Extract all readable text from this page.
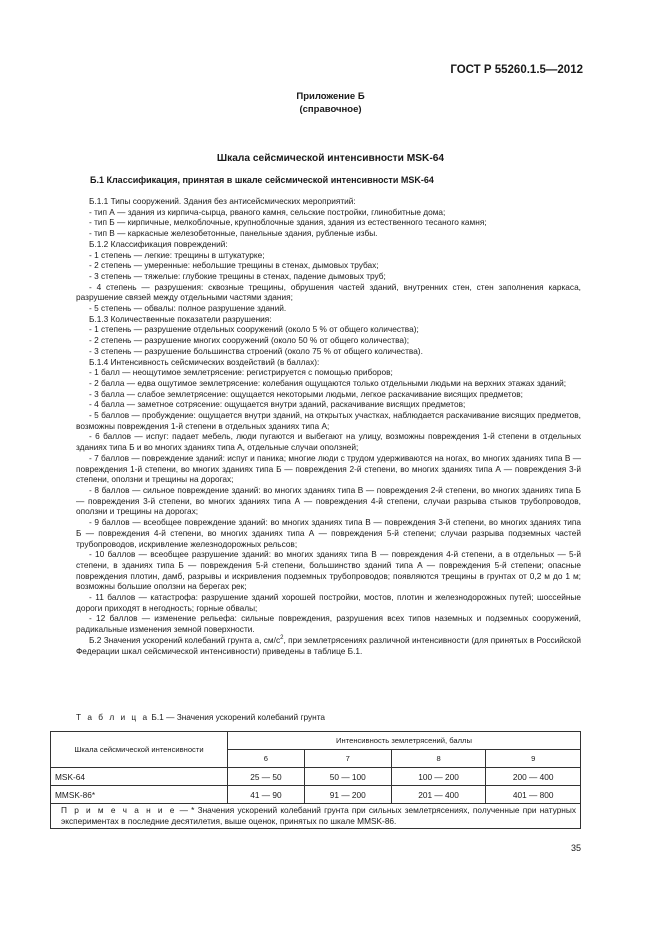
ГОСТ Р 55260.1.5—2012
Приложение Б
(справочное)
Шкала сейсмической интенсивности MSK-64
Б.1 Классификация, принятая в шкале сейсмической интенсивности MSK-64

Б.1.1 Типы сооружений. Здания без антисейсмических мероприятий:

- тип А — здания из кирпича-сырца, рваного камня, сельские постройки, глинобитные дома;

- тип Б — кирпичные, мелкоблочные, крупноблочные здания, здания из естественного тесаного камня;

- тип В — каркасные железобетонные, панельные здания, рубленые избы.

Б.1.2 Классификация повреждений:

- 1 степень — легкие: трещины в штукатурке;

- 2 степень — умеренные: небольшие трещины в стенах, дымовых трубах;

- 3 степень — тяжелые: глубокие трещины в стенах, падение дымовых труб;

- 4 степень — разрушения: сквозные трещины, обрушения частей зданий, внутренних стен, стен заполнения каркаса, разрушение связей между отдельными частями здания;

- 5 степень — обвалы: полное разрушение зданий.

Б.1.3 Количественные показатели разрушения:

- 1 степень — разрушение отдельных сооружений (около 5 % от общего количества);

- 2 степень — разрушение многих сооружений (около 50 % от общего количества);

- 3 степень — разрушение большинства строений (около 75 % от общего количества).

Б.1.4 Интенсивность сейсмических воздействий (в баллах):

- 1 балл — неощутимое землетрясение: регистрируется с помощью приборов;

- 2 балла — едва ощутимое землетрясение: колебания ощущаются только отдельными людьми на верхних этажах зданий;

- 3 балла — слабое землетрясение: ощущается некоторыми людьми, легкое раскачивание висящих предметов;

- 4 балла — заметное сотрясение: ощущается внутри зданий, раскачивание висящих предметов;

- 5 баллов — пробуждение: ощущается внутри зданий, на открытых участках, наблюдается раскачивание висящих предметов, возможны повреждения 1-й степени в отдельных зданиях типа А;

- 6 баллов — испуг: падает мебель, люди пугаются и выбегают на улицу, возможны повреждения 1-й степени в отдельных зданиях типа Б и во многих зданиях типа А, отдельные случаи оползней;

- 7 баллов — повреждение зданий: испуг и паника; многие люди с трудом удерживаются на ногах, во многих зданиях типа В — повреждения 1-й степени, во многих зданиях типа Б — повреждения 2-й степени, во многих зданиях типа А — повреждения 3-й степени, оползни и трещины на дорогах;

- 8 баллов — сильное повреждение зданий: во многих зданиях типа В — повреждения 2-й степени, во многих зданиях типа Б — повреждения 3-й степени, во многих зданиях типа А — повреждения 4-й степени, случаи разрыва стыков трубопроводов, оползни и трещины на дорогах;

- 9 баллов — всеобщее повреждение зданий: во многих зданиях типа В — повреждения 3-й степени, во многих зданиях типа Б — повреждения 4-й степени, во многих зданиях типа А — повреждения 5-й степени; случаи разрыва подземных частей трубопроводов, искривление железнодорожных рельсов;

- 10 баллов — всеобщее разрушение зданий: во многих зданиях типа В — повреждения 4-й степени, а в отдельных — 5-й степени, в зданиях типа Б — повреждения 5-й степени, большинство зданий типа А — повреждения 5-й степени; опасные повреждения плотин, дамб, разрывы и искривления подземных трубопроводов; появляются трещины в грунтах от 0,2 м до 1 м; возможны большие оползни на берегах рек;

- 11 баллов — катастрофа: разрушение зданий хорошей постройки, мостов, плотин и железнодорожных путей; шоссейные дороги приходят в негодность; горные обвалы;

- 12 баллов — изменение рельефа: сильные повреждения, разрушения всех типов наземных и подземных сооружений, радикальные изменения земной поверхности.

Б.2 Значения ускорений колебаний грунта a, $см/с^2$, при землетрясениях различной интенсивности (для принятых в Российской Федерации шкал сейсмической интенсивности) приведены в таблице Б.1.

Т а б л и ц а Б.1 — Значения ускорений колебаний грунта
Шкала сейсмической интенсивности	Интенсивность землетрясений, баллы			
	6	7	8	9
MSK-64	25 — 50	50 — 100	100 — 200	200 — 400
MMSK-86*	41 — 90	91 — 200	201 — 400	401 — 800
П р и м е ч а н и е — * Значения ускорений колебаний грунта при сильных землетрясениях, полученные при натурных экспериментах в последние десятилетия, выше оценок, принятых по шкале MMSK-86.				
35
